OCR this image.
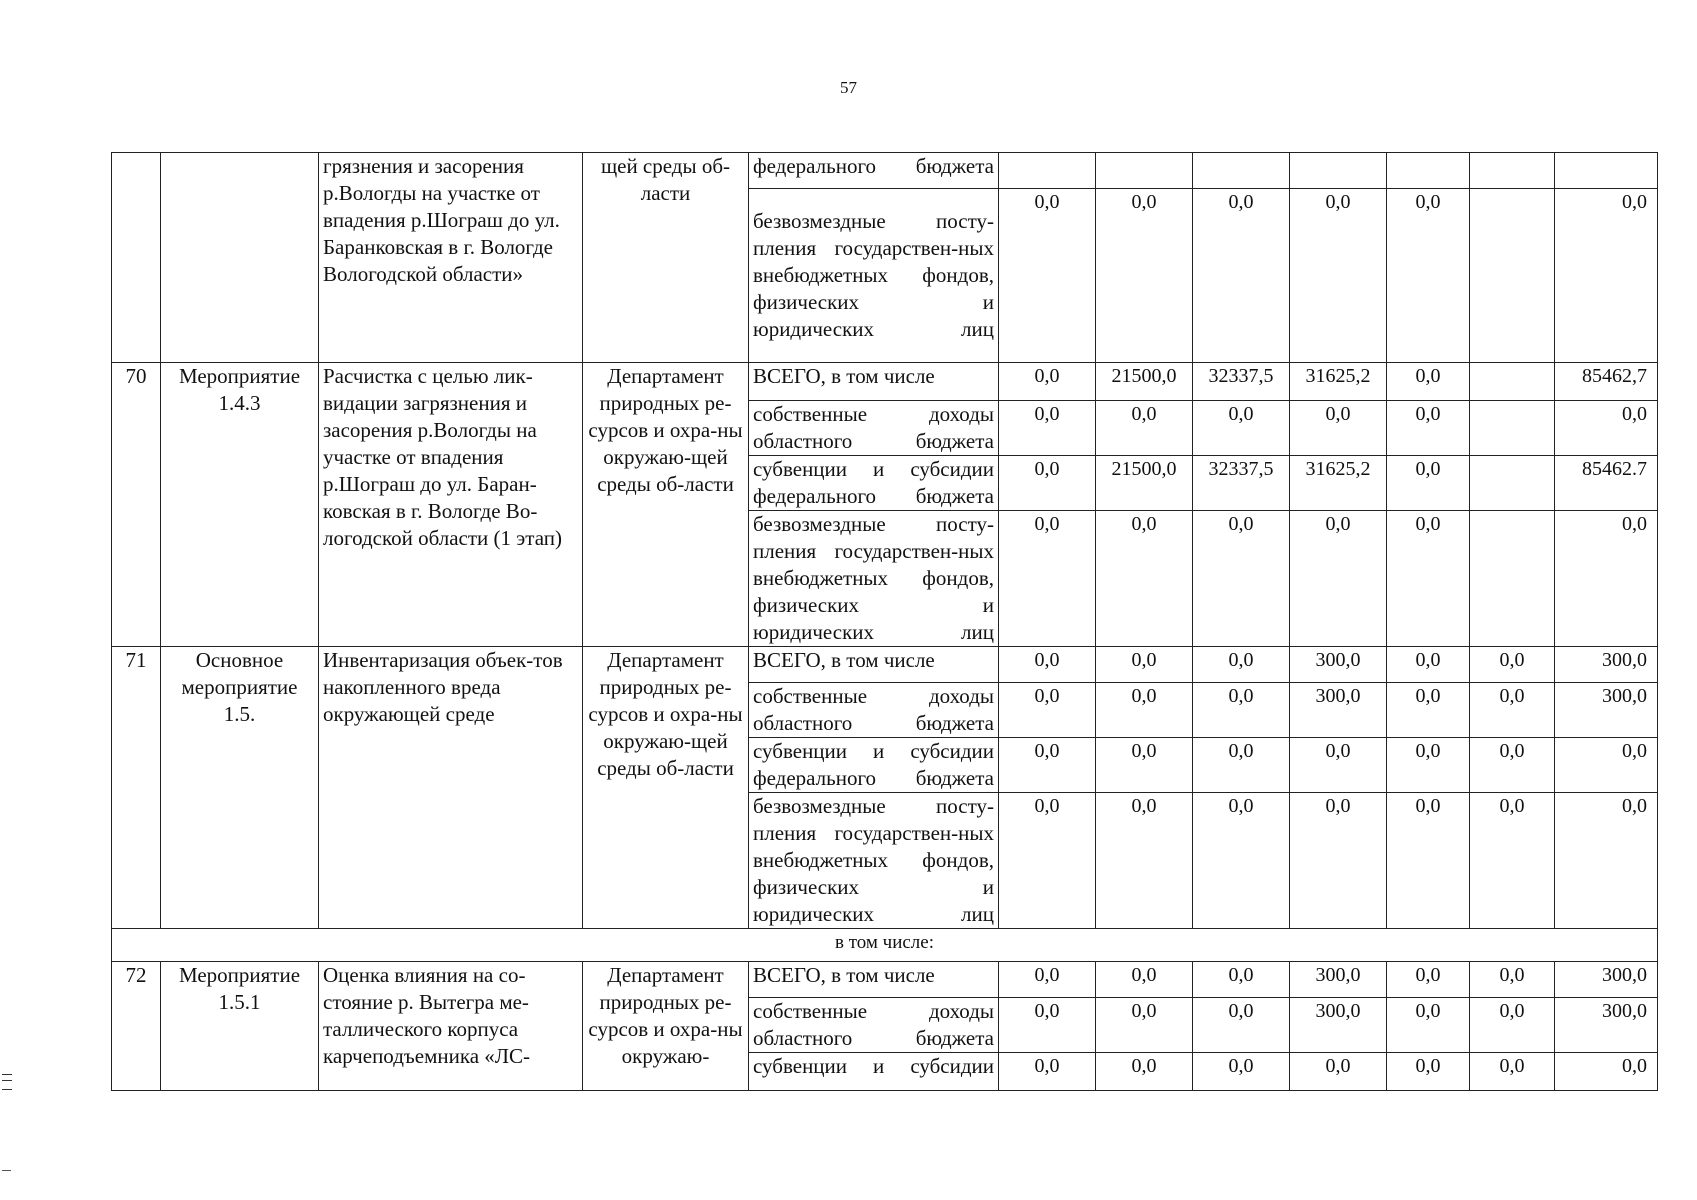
57
		грязнения и засорения р.Вологды на участке от впадения р.Шограш до ул. Баранковская в г. Вологде Вологодской области»	щей среды об-ласти	федерального бюджета							
				безвозмездные посту-пления государствен-ных внебюджетных фондов, физических и юридических лиц	0,0	0,0	0,0	0,0	0,0		0,0
70	Мероприятие 1.4.3	Расчистка с целью лик-видации загрязнения и засорения р.Вологды на участке от впадения р.Шограш до ул. Баран-ковская в г. Вологде Во-логодской области (1 этап)	Департамент природных ре-сурсов и охра-ны окружаю-щей среды об-ласти	ВСЕГО, в том числе	0,0	21500,0	32337,5	31625,2	0,0		85462,7
				собственные доходы областного бюджета	0,0	0,0	0,0	0,0	0,0		0,0
				субвенции и субсидии федерального бюджета	0,0	21500,0	32337,5	31625,2	0,0		85462.7
				безвозмездные посту-пления государствен-ных внебюджетных фондов, физических и юридических лиц	0,0	0,0	0,0	0,0	0,0		0,0
71	Основное мероприятие 1.5.	Инвентаризация объек-тов накопленного вреда окружающей среде	Департамент природных ре-сурсов и охра-ны окружаю-щей среды об-ласти	ВСЕГО, в том числе	0,0	0,0	0,0	300,0	0,0	0,0	300,0
				собственные доходы областного бюджета	0,0	0,0	0,0	300,0	0,0	0,0	300,0
				субвенции и субсидии федерального бюджета	0,0	0,0	0,0	0,0	0,0	0,0	0,0
				безвозмездные посту-пления государствен-ных внебюджетных фондов, физических и юридических лиц	0,0	0,0	0,0	0,0	0,0	0,0	0,0
в том числе:											
72	Мероприятие 1.5.1	Оценка влияния на со-стояние р. Вытегра ме-таллического корпуса карчеподъемника «ЛС-	Департамент природных ре-сурсов и охра-ны окружаю-	ВСЕГО, в том числе	0,0	0,0	0,0	300,0	0,0	0,0	300,0
				собственные доходы областного бюджета	0,0	0,0	0,0	300,0	0,0	0,0	300,0
				субвенции и субсидии	0,0	0,0	0,0	0,0	0,0	0,0	0,0
